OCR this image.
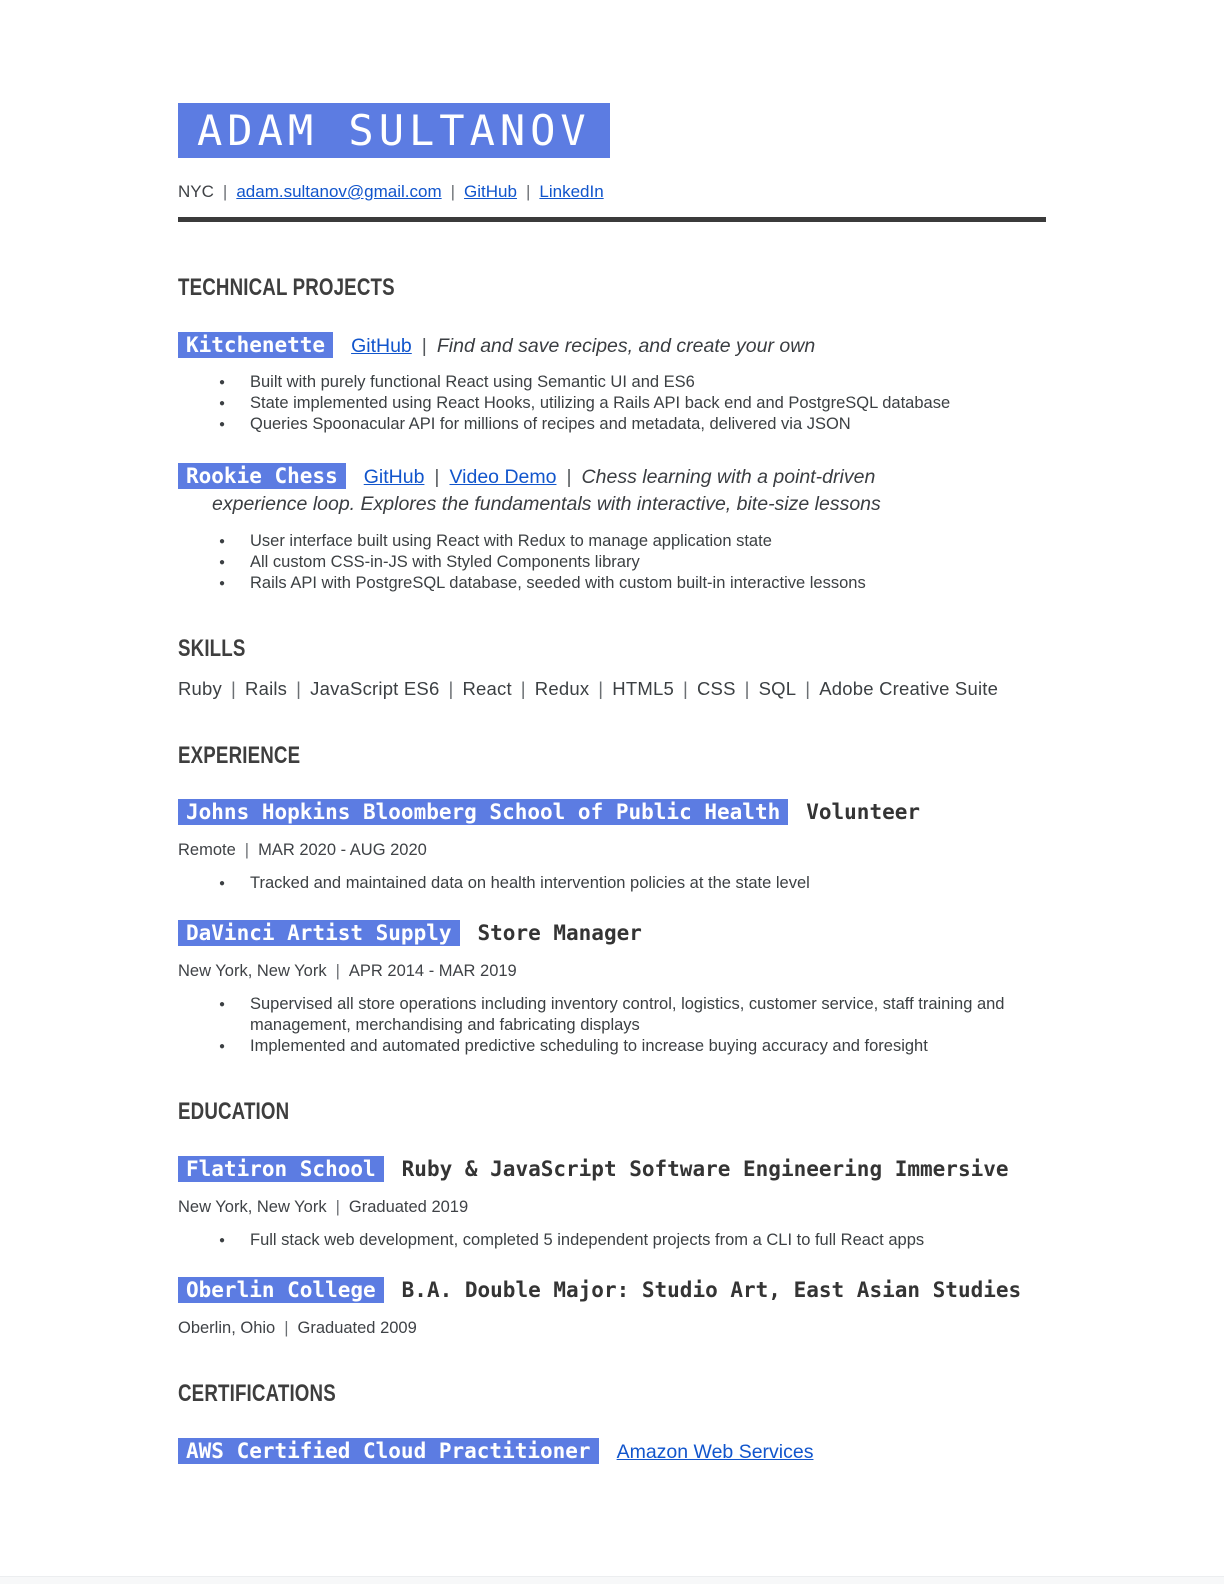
ADAM SULTANOV
NYC | adam.sultanov@gmail.com | GitHub | LinkedIn
TECHNICAL PROJECTS

Kitchenette GitHub | Find and save recipes, and create your own

● Built with purely functional React using Semantic UI and ES6
● State implemented using React Hooks, utilizing a Rails API back end and PostgreSQL database
● Queries Spoonacular API for millions of recipes and metadata, delivered via JSON

Rookie Chess GitHub | Video Demo | Chess learning with a point-driven experience loop. Explores the fundamentals with interactive, bite-size lessons

● User interface built using React with Redux to manage application state
● All custom CSS-in-JS with Styled Components library
● Rails API with PostgreSQL database, seeded with custom built-in interactive lessons
SKILLS

Ruby | Rails | JavaScript ES6 | React | Redux | HTML5 | CSS | SQL | Adobe Creative Suite

EXPERIENCE

Johns Hopkins Bloomberg School of Public Health Volunteer

Remote | MAR 2020 - AUG 2020

● Tracked and maintained data on health intervention policies at the state level

DaVinci Artist Supply Store Manager

New York, New York | APR 2014 - MAR 2019

● Supervised all store operations including inventory control, logistics, customer service, staff training and management, merchandising and fabricating displays
● Implemented and automated predictive scheduling to increase buying accuracy and foresight
EDUCATION

Flatiron School Ruby & JavaScript Software Engineering Immersive

New York, New York | Graduated 2019

● Full stack web development, completed 5 independent projects from a CLI to full React apps

Oberlin College B.A. Double Major: Studio Art, East Asian Studies

Oberlin, Ohio | Graduated 2009

CERTIFICATIONS

AWS Certified Cloud Practitioner Amazon Web Services
